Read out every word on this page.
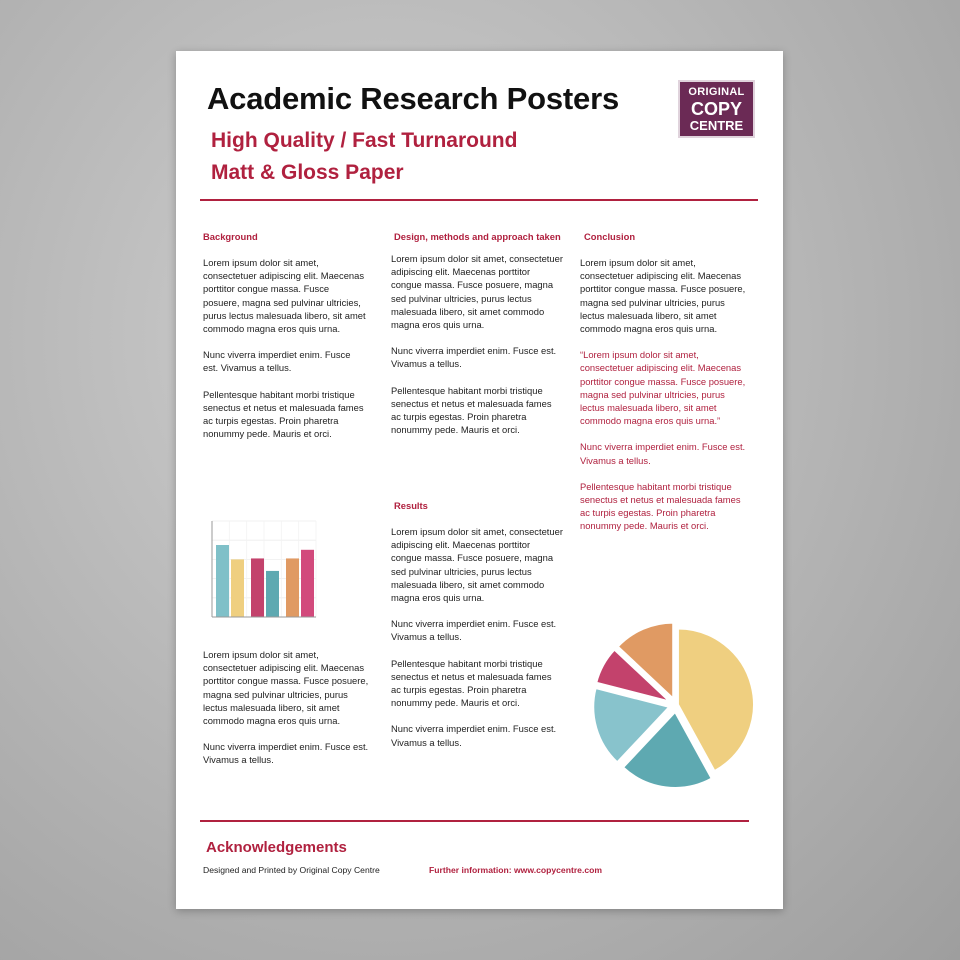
Academic Research Posters
High Quality / Fast Turnaround
Matt & Gloss Paper
ORIGINAL
COPY
CENTRE
Background

Lorem ipsum dolor sit amet, consectetuer adipiscing elit. Maecenas porttitor congue massa. Fusce posuere, magna sed pulvinar ultricies, purus lectus malesuada libero, sit amet commodo magna eros quis urna.

Nunc viverra imperdiet enim. Fusce est. Vivamus a tellus.

Pellentesque habitant morbi tristique senectus et netus et malesuada fames ac turpis egestas. Proin pharetra nonummy pede. Mauris et orci.

Lorem ipsum dolor sit amet, consectetuer adipiscing elit. Maecenas porttitor congue massa. Fusce posuere, magna sed pulvinar ultricies, purus lectus malesuada libero, sit amet commodo magna eros quis urna.

Nunc viverra imperdiet enim. Fusce est. Vivamus a tellus.

Design, methods and approach taken

Lorem ipsum dolor sit amet, consectetuer adipiscing elit. Maecenas porttitor congue massa. Fusce posuere, magna sed pulvinar ultricies, purus lectus malesuada libero, sit amet commodo magna eros quis urna.

Nunc viverra imperdiet enim. Fusce est. Vivamus a tellus.

Pellentesque habitant morbi tristique senectus et netus et malesuada fames ac turpis egestas. Proin pharetra nonummy pede. Mauris et orci.

Results

Lorem ipsum dolor sit amet, consectetuer adipiscing elit. Maecenas porttitor congue massa. Fusce posuere, magna sed pulvinar ultricies, purus lectus malesuada libero, sit amet commodo magna eros quis urna.

Nunc viverra imperdiet enim. Fusce est. Vivamus a tellus.

Pellentesque habitant morbi tristique senectus et netus et malesuada fames ac turpis egestas. Proin pharetra nonummy pede. Mauris et orci.

Nunc viverra imperdiet enim. Fusce est. Vivamus a tellus.

Conclusion

Lorem ipsum dolor sit amet, consectetuer adipiscing elit. Maecenas porttitor congue massa. Fusce posuere, magna sed pulvinar ultricies, purus lectus malesuada libero, sit amet commodo magna eros quis urna.

“Lorem ipsum dolor sit amet, consectetuer adipiscing elit. Maecenas porttitor congue massa. Fusce posuere, magna sed pulvinar ultricies, purus lectus malesuada libero, sit amet commodo magna eros quis urna.”

Nunc viverra imperdiet enim. Fusce est. Vivamus a tellus.

Pellentesque habitant morbi tristique senectus et netus et malesuada fames ac turpis egestas. Proin pharetra nonummy pede. Mauris et orci.

Acknowledgements
Designed and Printed by Original Copy Centre	Further information: www.copycentre.com
